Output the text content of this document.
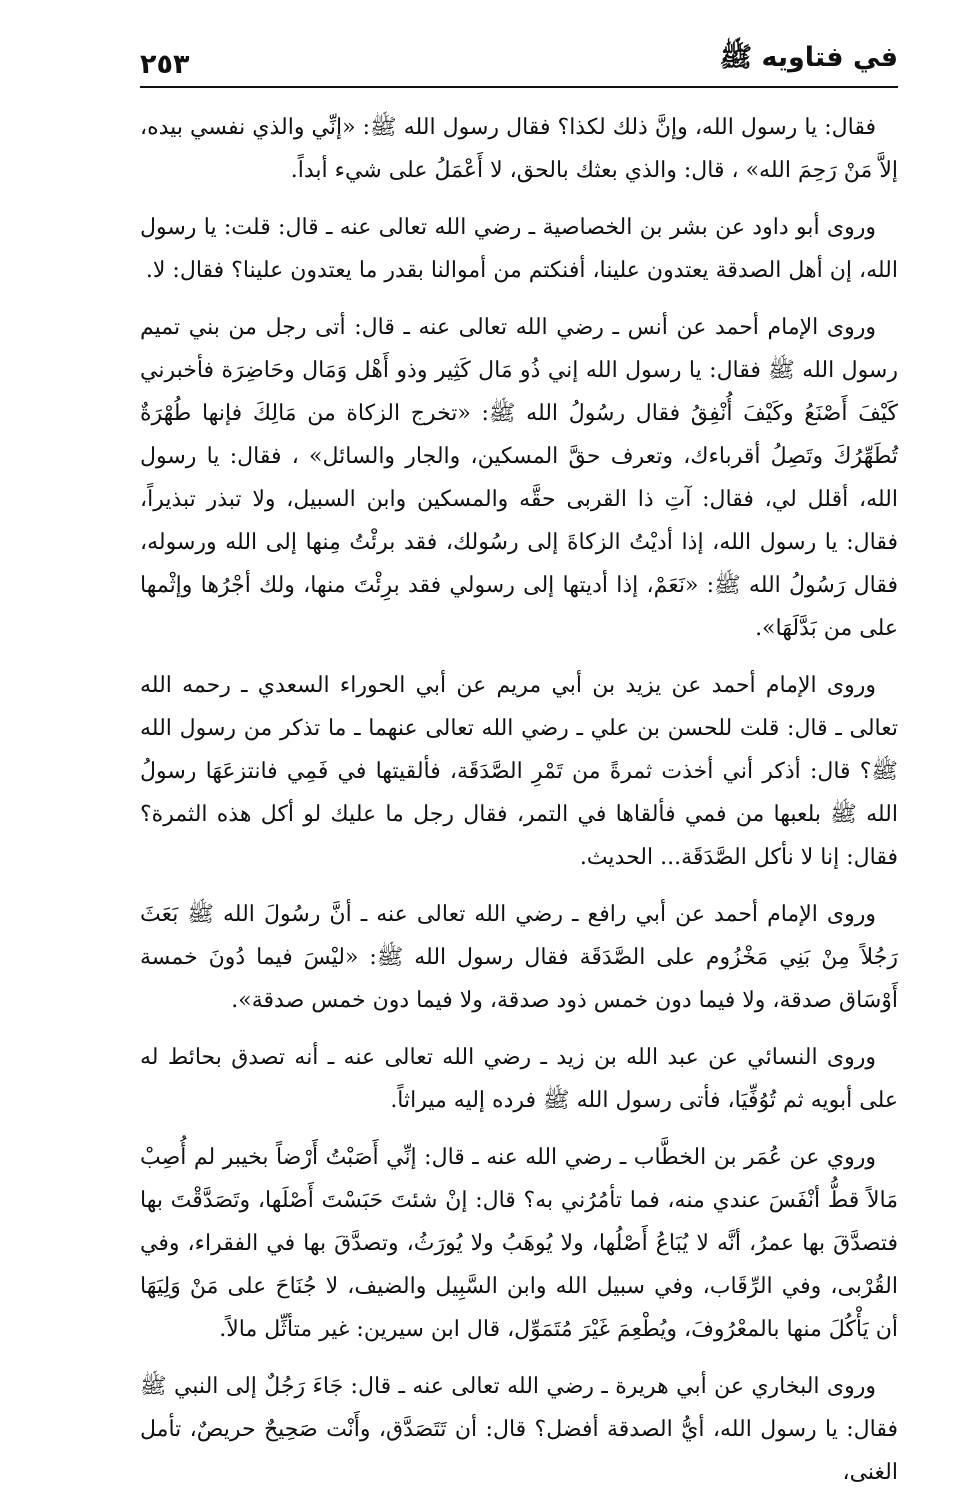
في فتاويه ﷺ
٢٥٣

فقال: يا رسول الله، وإنَّ ذلك لكذا؟ فقال رسول الله ﷺ: «إنِّي والذي نفسي بيده، إلاَّ مَنْ رَحِمَ الله» ، قال: والذي بعثك بالحق، لا أَعْمَلُ على شيء أبداً.

وروى أبو داود عن بشر بن الخصاصية ـ رضي الله تعالى عنه ـ قال: قلت: يا رسول الله، إن أهل الصدقة يعتدون علينا، أفنكتم من أموالنا بقدر ما يعتدون علينا؟ فقال: لا.

وروى الإمام أحمد عن أنس ـ رضي الله تعالى عنه ـ قال: أتى رجل من بني تميم رسول الله ﷺ فقال: يا رسول الله إني ذُو مَال كَثِير وذو أَهْل وَمَال وحَاضِرَة فأخبرني كَيْفَ أَصْنَعُ وكَيْفَ أُنْفِقُ فقال رسُولُ الله ﷺ: «تخرج الزكاة من مَالِكَ فإنها طُهْرَةٌ تُطَهِّرُكَ وتَصِلُ أقرباءك، وتعرف حقَّ المسكين، والجار والسائل» ، فقال: يا رسول الله، أقلل لي، فقال: آتِ ذا القربى حقَّه والمسكين وابن السبيل، ولا تبذر تبذيراً، فقال: يا رسول الله، إذا أديْتُ الزكاةَ إلى رسُولك، فقد برئْتُ مِنها إلى الله ورسوله، فقال رَسُولُ الله ﷺ: «نَعَمْ، إذا أديتها إلى رسولي فقد برِئْتَ منها، ولك أجْرُها وإثْمها على من بَدَّلَهَا».

وروى الإمام أحمد عن يزيد بن أبي مريم عن أبي الحوراء السعدي ـ رحمه الله تعالى ـ قال: قلت للحسن بن علي ـ رضي الله تعالى عنهما ـ ما تذكر من رسول الله ﷺ؟ قال: أذكر أني أخذت ثمرةً من تَمْرِ الصَّدَقَة، فألقيتها في فَمِي فانتزعَهَا رسولُ الله ﷺ بلعبها من فمي فألقاها في التمر، فقال رجل ما عليك لو أكل هذه الثمرة؟ فقال: إنا لا نأكل الصَّدَقَة... الحديث.

وروى الإمام أحمد عن أبي رافع ـ رضي الله تعالى عنه ـ أنَّ رسُولَ الله ﷺ بَعَثَ رَجُلاً مِنْ بَنِي مَخْزُوم على الصَّدَقَة فقال رسول الله ﷺ: «ليْسَ فيما دُونَ خمسة أَوْسَاق صدقة، ولا فيما دون خمس ذود صدقة، ولا فيما دون خمس صدقة».

وروى النسائي عن عبد الله بن زيد ـ رضي الله تعالى عنه ـ أنه تصدق بحائط له على أبويه ثم تُوُفِّيَا، فأتى رسول الله ﷺ فرده إليه ميراثاً.

وروي عن عُمَر بن الخطَّاب ـ رضي الله عنه ـ قال: إنِّي أَصَبْتُ أَرْضاً بخيبر لم أُصِبْ مَالاً قطُّ أنْفَسَ عندي منه، فما تأمُرُني به؟ قال: إنْ شئتَ حَبَسْتَ أَصْلَها، وتَصَدَّقْتَ بها فتصدَّقَ بها عمرُ، أنَّه لا يُبَاعُ أَصْلُها، ولا يُوهَبُ ولا يُورَثُ، وتصدَّقَ بها في الفقراء، وفي القُرْبى، وفي الرِّقَاب، وفي سبيل الله وابن السَّبِيل والضيف، لا جُنَاحَ على مَنْ وَلِيَهَا أن يَأْكُلَ منها بالمعْرُوفَ، ويُطْعِمَ غَيْرَ مُتَمَوِّل، قال ابن سيرين: غير متأثِّل مالاً.

وروى البخاري عن أبي هريرة ـ رضي الله تعالى عنه ـ قال: جَاءَ رَجُلٌ إلى النبي ﷺ فقال: يا رسول الله، أيُّ الصدقة أفضل؟ قال: أن تَتَصَدَّق، وأَنْت صَحِيحٌ حريصٌ، تأمل الغنى،
